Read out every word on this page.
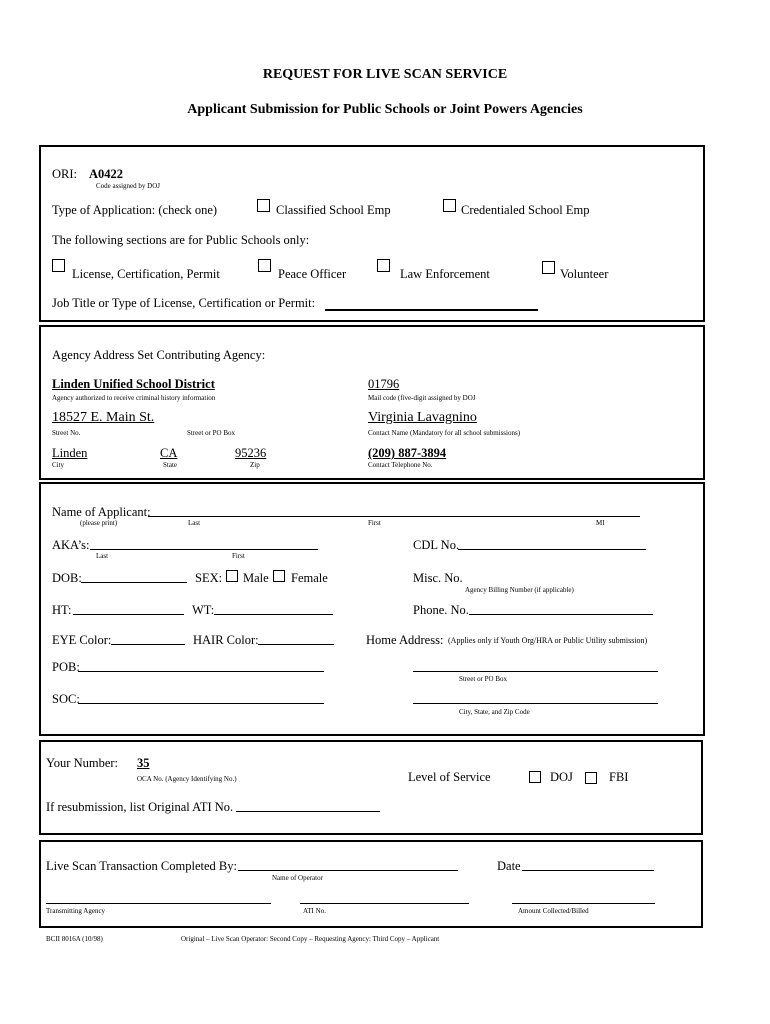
REQUEST FOR LIVE SCAN SERVICE
Applicant Submission for Public Schools or Joint Powers Agencies
ORI: A0422
Code assigned by DOJ
Type of Application: (check one)	Classified School Emp	Credentialed School Emp
The following sections are for Public Schools only:
License, Certification, Permit	Peace Officer	Law Enforcement	Volunteer
Job Title or Type of License, Certification or Permit:
Agency Address Set Contributing Agency:
Linden Unified School District
Agency authorized to receive criminal history information
01796
Mail code (five-digit assigned by DOJ
18527 E. Main St.
Street No.	Street or PO Box
Virginia Lavagnino
Contact Name (Mandatory for all school submissions)
Linden
City
CA
State
95236
Zip
(209) 887-3894
Contact Telephone No.
Name of Applicant:
(please print)	Last	First	MI
AKA’s:
Last	First
CDL No.
DOB:	SEX: Male Female	Misc. No.
Agency Billing Number (if applicable)
HT:	WT:	Phone. No.
EYE Color:	HAIR Color:	Home Address: (Applies only if Youth Org/HRA or Public Utility submission)
POB:
Street or PO Box
SOC:
City, State, and Zip Code
Your Number: 35
OCA No. (Agency Identifying No.)	Level of Service	DOJ	FBI
If resubmission, list Original ATI No.
Live Scan Transaction Completed By:
Name of Operator
Date
Transmitting Agency	ATI No.	Amount Collected/Billed
BCII 8016A (10/98)	Original – Live Scan Operator: Second Copy – Requesting Agency: Third Copy – Applicant
